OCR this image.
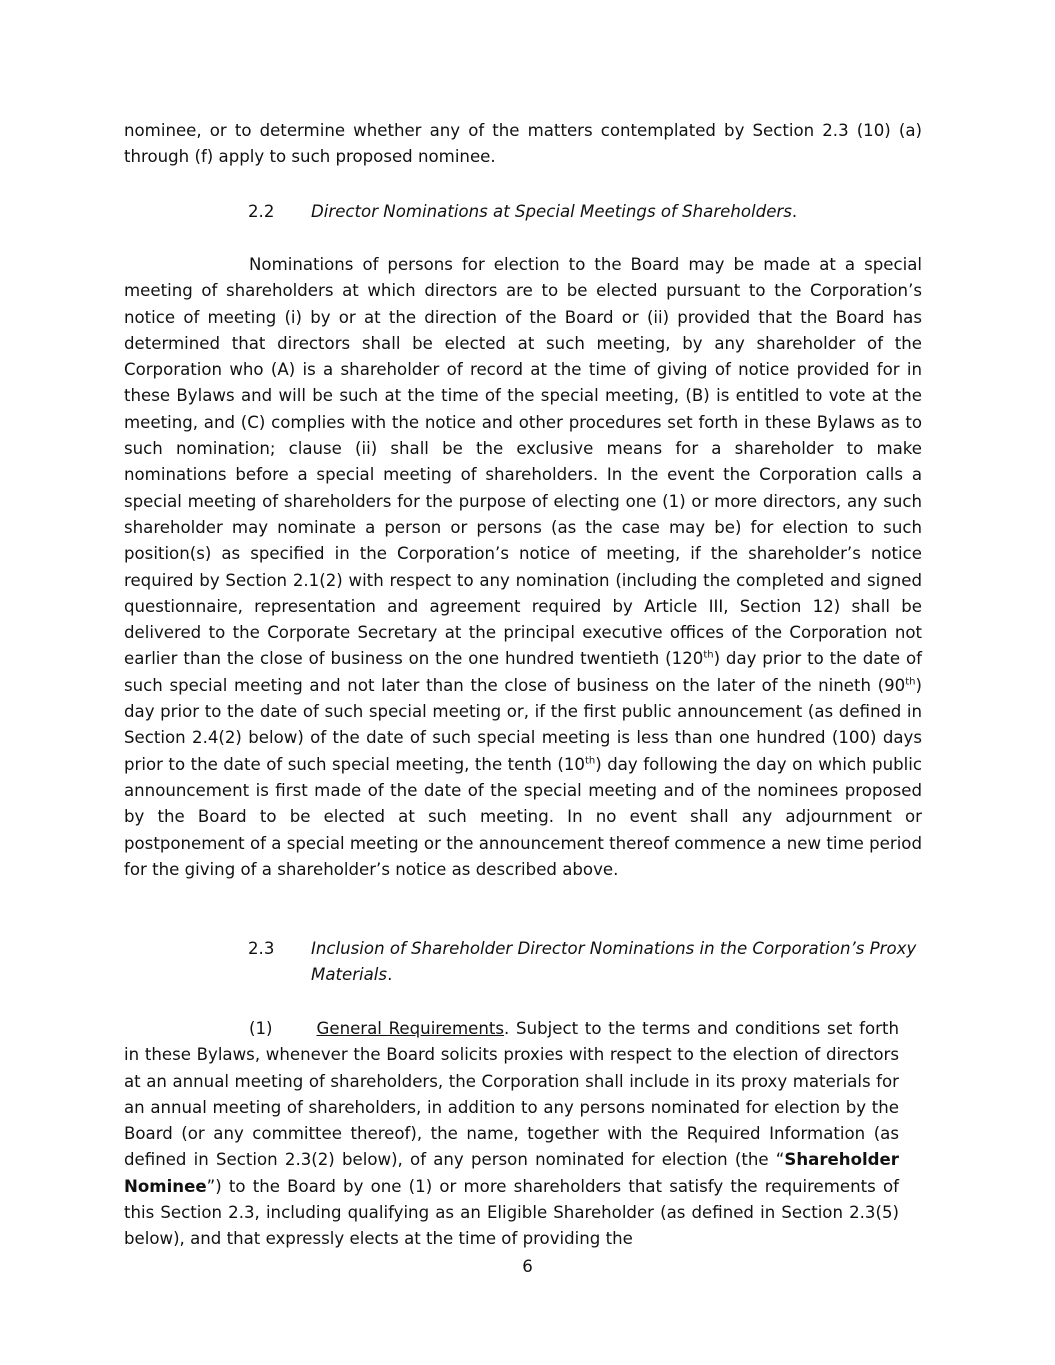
nominee, or to determine whether any of the matters contemplated by Section 2.3 (10) (a) through (f) apply to such proposed nominee.

2.2 Director Nominations at Special Meetings of Shareholders.

Nominations of persons for election to the Board may be made at a special meeting of shareholders at which directors are to be elected pursuant to the Corporation’s notice of meeting (i) by or at the direction of the Board or (ii) provided that the Board has determined that directors shall be elected at such meeting, by any shareholder of the Corporation who (A) is a shareholder of record at the time of giving of notice provided for in these Bylaws and will be such at the time of the special meeting, (B) is entitled to vote at the meeting, and (C) complies with the notice and other procedures set forth in these Bylaws as to such nomination; clause (ii) shall be the exclusive means for a shareholder to make nominations before a special meeting of shareholders. In the event the Corporation calls a special meeting of shareholders for the purpose of electing one (1) or more directors, any such shareholder may nominate a person or persons (as the case may be) for election to such position(s) as specified in the Corporation’s notice of meeting, if the shareholder’s notice required by Section 2.1(2) with respect to any nomination (including the completed and signed questionnaire, representation and agreement required by Article III, Section 12) shall be delivered to the Corporate Secretary at the principal executive offices of the Corporation not earlier than the close of business on the one hundred twentieth (120th) day prior to the date of such special meeting and not later than the close of business on the later of the nineth (90th) day prior to the date of such special meeting or, if the first public announcement (as defined in Section 2.4(2) below) of the date of such special meeting is less than one hundred (100) days prior to the date of such special meeting, the tenth (10th) day following the day on which public announcement is first made of the date of the special meeting and of the nominees proposed by the Board to be elected at such meeting. In no event shall any adjournment or postponement of a special meeting or the announcement thereof commence a new time period for the giving of a shareholder’s notice as described above.

2.3 Inclusion of Shareholder Director Nominations in the Corporation’s Proxy
Materials.

(1)	General Requirements. Subject to the terms and conditions set forth in these Bylaws, whenever the Board solicits proxies with respect to the election of directors at an annual meeting of shareholders, the Corporation shall include in its proxy materials for an annual meeting of shareholders, in addition to any persons nominated for election by the Board (or any committee thereof), the name, together with the Required Information (as defined in Section 2.3(2) below), of any person nominated for election (the “Shareholder Nominee”) to the Board by one (1) or more shareholders that satisfy the requirements of this Section 2.3, including qualifying as an Eligible Shareholder (as defined in Section 2.3(5) below), and that expressly elects at the time of providing the

6
